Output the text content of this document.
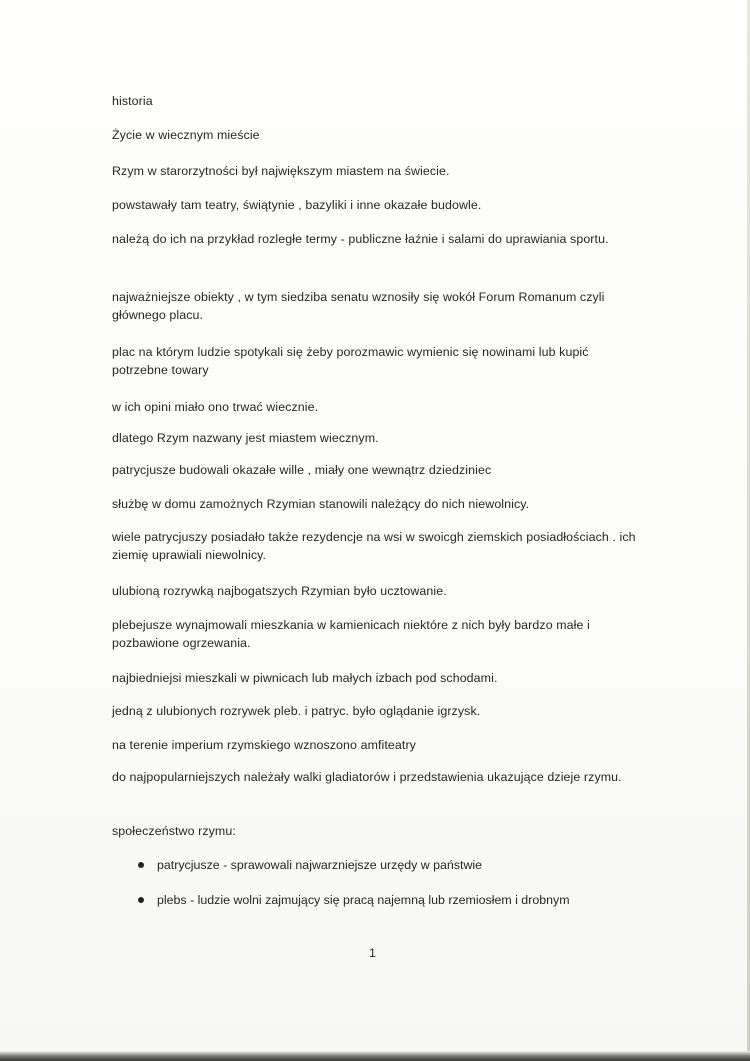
historia
Życie w wiecznym mieście
Rzym w starorzytności był największym miastem na świecie.
powstawały tam teatry, świątynie , bazyliki i inne okazałe budowle.
należą do ich na przykład rozległe termy - publiczne łaźnie i salami do uprawiania sportu.
najważniejsze obiekty , w tym siedziba senatu wznosiły się wokół Forum Romanum czyli głównego placu.
plac na którym ludzie spotykali się żeby porozmawic wymienic się nowinami lub kupić potrzebne towary
w ich opini miało ono trwać wiecznie.
dlatego Rzym nazwany jest miastem wiecznym.
patrycjusze budowali okazałe wille , miały one wewnątrz dziedziniec
służbę w domu zamożnych Rzymian stanowili należący do nich niewolnicy.
wiele patrycjuszy posiadało także rezydencje na wsi w swoicgh ziemskich posiadłościach . ich ziemię uprawiali niewolnicy.
ulubioną rozrywką najbogatszych Rzymian było ucztowanie.
plebejusze wynajmowali mieszkania w kamienicach niektóre z nich były bardzo małe i pozbawione ogrzewania.
najbiedniejsi mieszkali w piwnicach lub małych izbach pod schodami.
jedną z ulubionych rozrywek pleb. i patryc. było oglądanie igrzysk.
na terenie imperium rzymskiego wznoszono amfiteatry
do najpopularniejszych należały walki gladiatorów i przedstawienia ukazujące dzieje rzymu.
społeczeństwo rzymu:
patrycjusze - sprawowali najwarzniejsze urzędy w państwie
plebs - ludzie wolni zajmujący się pracą najemną lub rzemiosłem i drobnym
1
